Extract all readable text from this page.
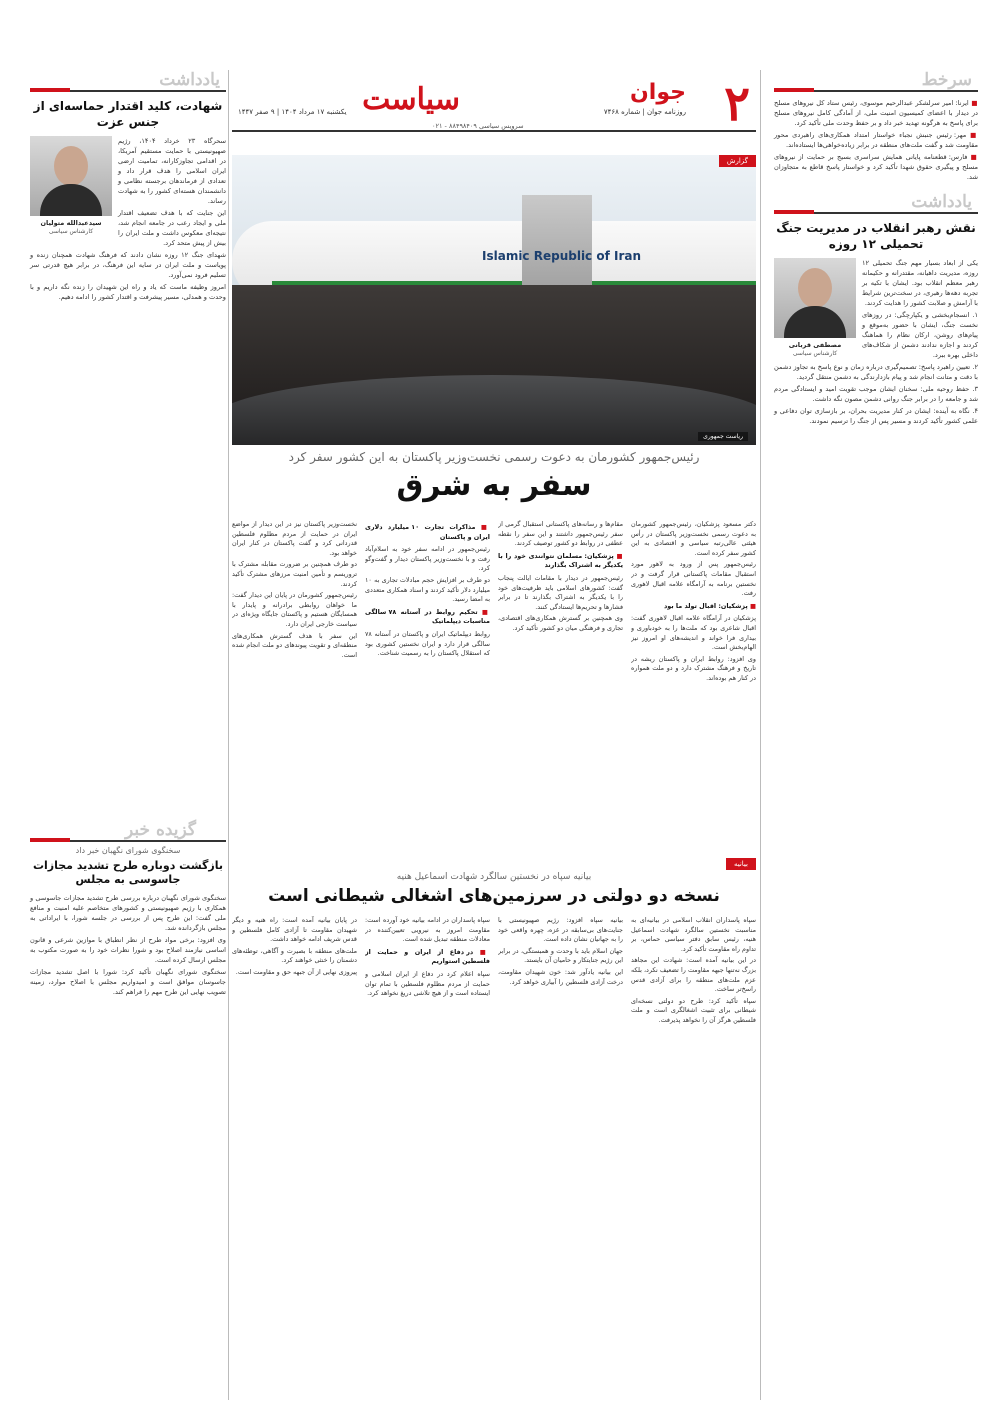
۲
جوان
سیاست	روزنامه جوان | شماره ۷۴۶۸
یکشنبه ۱۷ مرداد ۱۴۰۴ | ۹ صفر ۱۴۴۷
سرویس سیاسی ۸۸۴۹۸۴۰۹ - ۰۲۱
سرخط

■ ایرنا: امیر سرلشکر عبدالرحیم موسوی، رئیس ستاد کل نیروهای مسلح در دیدار با اعضای کمیسیون امنیت ملی، از آمادگی کامل نیروهای مسلح برای پاسخ به هرگونه تهدید خبر داد و بر حفظ وحدت ملی تأکید کرد.

■ مهر: رئیس جنبش نجباء خواستار امتداد همکاری‌های راهبردی محور مقاومت شد و گفت ملت‌های منطقه در برابر زیاده‌خواهی‌ها ایستاده‌اند.

■ فارس: قطعنامه پایانی همایش سراسری بسیج بر حمایت از نیروهای مسلح و پیگیری حقوق شهدا تأکید کرد و خواستار پاسخ قاطع به متجاوزان شد.

یادداشت
نقش رهبر انقلاب در مدیریت جنگ تحمیلی ۱۲ روزه
مصطفی قربانی
کارشناس سیاسی

یکی از ابعاد بسیار مهم جنگ تحمیلی ۱۲ روزه، مدیریت داهیانه، مقتدرانه و حکیمانه رهبر معظم انقلاب بود. ایشان با تکیه بر تجربه دهه‌ها رهبری، در سخت‌ترین شرایط با آرامش و صلابت کشور را هدایت کردند.

۱. انسجام‌بخشی و یکپارچگی: در روزهای نخست جنگ، ایشان با حضور به‌موقع و پیام‌های روشن، ارکان نظام را هماهنگ کردند و اجازه ندادند دشمن از شکاف‌های داخلی بهره ببرد.

۲. تعیین راهبرد پاسخ: تصمیم‌گیری درباره زمان و نوع پاسخ به تجاوز دشمن با دقت و متانت انجام شد و پیام بازدارندگی به دشمن منتقل گردید.

۳. حفظ روحیه ملی: سخنان ایشان موجب تقویت امید و ایستادگی مردم شد و جامعه را در برابر جنگ روانی دشمن مصون نگه داشت.

۴. نگاه به آینده: ایشان در کنار مدیریت بحران، بر بازسازی توان دفاعی و علمی کشور تأکید کردند و مسیر پس از جنگ را ترسیم نمودند.

یادداشت
شهادت، کلید اقتدار حماسه‌ای از جنس عزت
سیدعبدالله متولیان
کارشناس سیاسی

سحرگاه ۲۳ خرداد ۱۴۰۴، رژیم صهیونیستی با حمایت مستقیم آمریکا، در اقدامی تجاوزکارانه، تمامیت ارضی ایران اسلامی را هدف قرار داد و تعدادی از فرماندهان برجسته نظامی و دانشمندان هسته‌ای کشور را به شهادت رساند.

این جنایت که با هدف تضعیف اقتدار ملی و ایجاد رعب در جامعه انجام شد، نتیجه‌ای معکوس داشت و ملت ایران را بیش از پیش متحد کرد.

شهدای جنگ ۱۲ روزه نشان دادند که فرهنگ شهادت همچنان زنده و پویاست و ملت ایران در سایه این فرهنگ، در برابر هیچ قدرتی سر تسلیم فرود نمی‌آورد.

امروز وظیفه ماست که یاد و راه این شهیدان را زنده نگه داریم و با وحدت و همدلی، مسیر پیشرفت و اقتدار کشور را ادامه دهیم.

گزیده خبر
سخنگوی شورای نگهبان خبر داد
بازگشت دوباره طرح تشدید مجازات جاسوسی به مجلس

سخنگوی شورای نگهبان درباره بررسی طرح تشدید مجازات جاسوسی و همکاری با رژیم صهیونیستی و کشورهای متخاصم علیه امنیت و منافع ملی گفت: این طرح پس از بررسی در جلسه شورا، با ایراداتی به مجلس بازگردانده شد.

وی افزود: برخی مواد طرح از نظر انطباق با موازین شرعی و قانون اساسی نیازمند اصلاح بود و شورا نظرات خود را به صورت مکتوب به مجلس ارسال کرده است.

سخنگوی شورای نگهبان تأکید کرد: شورا با اصل تشدید مجازات جاسوسان موافق است و امیدواریم مجلس با اصلاح موارد، زمینه تصویب نهایی این طرح مهم را فراهم کند.

Islamic Republic of Iran
گزارش
ریاست جمهوری
رئیس‌جمهور کشورمان به دعوت رسمی نخست‌وزیر پاکستان به این کشور سفر کرد
سفر به شرق

دکتر مسعود پزشکیان، رئیس‌جمهور کشورمان به دعوت رسمی نخست‌وزیر پاکستان در رأس هیئتی عالی‌رتبه سیاسی و اقتصادی به این کشور سفر کرده است.

رئیس‌جمهور پس از ورود به لاهور مورد استقبال مقامات پاکستانی قرار گرفت و در نخستین برنامه به آرامگاه علامه اقبال لاهوری رفت.

■ پزشکیان: اقبال تولد ما بود

پزشکیان در آرامگاه علامه اقبال لاهوری گفت: اقبال شاعری بود که ملت‌ها را به خودباوری و بیداری فرا خواند و اندیشه‌های او امروز نیز الهام‌بخش است.

وی افزود: روابط ایران و پاکستان ریشه در تاریخ و فرهنگ مشترک دارد و دو ملت همواره در کنار هم بوده‌اند.

مقام‌ها و رسانه‌های پاکستانی استقبال گرمی از سفر رئیس‌جمهور داشتند و این سفر را نقطه عطفی در روابط دو کشور توصیف کردند.

■ پزشکیان: مسلمان نتوانندی خود را با یکدیگر به اشتراک بگذارند

رئیس‌جمهور در دیدار با مقامات ایالت پنجاب گفت: کشورهای اسلامی باید ظرفیت‌های خود را با یکدیگر به اشتراک بگذارند تا در برابر فشارها و تحریم‌ها ایستادگی کنند.

وی همچنین بر گسترش همکاری‌های اقتصادی، تجاری و فرهنگی میان دو کشور تأکید کرد.

■ مذاکرات تجارت ۱۰ میلیارد دلاری ایران و پاکستان

رئیس‌جمهور در ادامه سفر خود به اسلام‌آباد رفت و با نخست‌وزیر پاکستان دیدار و گفت‌وگو کرد.

دو طرف بر افزایش حجم مبادلات تجاری به ۱۰ میلیارد دلار تأکید کردند و اسناد همکاری متعددی به امضا رسید.

■ تحکیم روابط در آستانه ۷۸ سالگی مناسبات دیپلماتیک

روابط دیپلماتیک ایران و پاکستان در آستانه ۷۸ سالگی قرار دارد و ایران نخستین کشوری بود که استقلال پاکستان را به رسمیت شناخت.

نخست‌وزیر پاکستان نیز در این دیدار از مواضع ایران در حمایت از مردم مظلوم فلسطین قدردانی کرد و گفت پاکستان در کنار ایران خواهد بود.

دو طرف همچنین بر ضرورت مقابله مشترک با تروریسم و تأمین امنیت مرزهای مشترک تأکید کردند.

رئیس‌جمهور کشورمان در پایان این دیدار گفت: ما خواهان روابطی برادرانه و پایدار با همسایگان هستیم و پاکستان جایگاه ویژه‌ای در سیاست خارجی ایران دارد.

این سفر با هدف گسترش همکاری‌های منطقه‌ای و تقویت پیوندهای دو ملت انجام شده است.

بیانیه
بیانیه سپاه در نخستین سالگرد شهادت اسماعیل هنیه
نسخه دو دولتی در سرزمین‌های اشغالی شیطانی است

سپاه پاسداران انقلاب اسلامی در بیانیه‌ای به مناسبت نخستین سالگرد شهادت اسماعیل هنیه، رئیس سابق دفتر سیاسی حماس، بر تداوم راه مقاومت تأکید کرد.

در این بیانیه آمده است: شهادت این مجاهد بزرگ نه‌تنها جبهه مقاومت را تضعیف نکرد، بلکه عزم ملت‌های منطقه را برای آزادی قدس راسخ‌تر ساخت.

سپاه تأکید کرد: طرح دو دولتی نسخه‌ای شیطانی برای تثبیت اشغالگری است و ملت فلسطین هرگز آن را نخواهد پذیرفت.

بیانیه سپاه افزود: رژیم صهیونیستی با جنایت‌های بی‌سابقه در غزه، چهره واقعی خود را به جهانیان نشان داده است.

جهان اسلام باید با وحدت و همبستگی، در برابر این رژیم جنایتکار و حامیان آن بایستد.

این بیانیه یادآور شد: خون شهیدان مقاومت، درخت آزادی فلسطین را آبیاری خواهد کرد.

سپاه پاسداران در ادامه بیانیه خود آورده است: مقاومت امروز به نیرویی تعیین‌کننده در معادلات منطقه تبدیل شده است.

■ در دفاع از ایران و حمایت از فلسطین استواریم

سپاه اعلام کرد در دفاع از ایران اسلامی و حمایت از مردم مظلوم فلسطین با تمام توان ایستاده است و از هیچ تلاشی دریغ نخواهد کرد.

در پایان بیانیه آمده است: راه هنیه و دیگر شهیدان مقاومت تا آزادی کامل فلسطین و قدس شریف ادامه خواهد داشت.

ملت‌های منطقه با بصیرت و آگاهی، توطئه‌های دشمنان را خنثی خواهند کرد.

پیروزی نهایی از آن جبهه حق و مقاومت است.
